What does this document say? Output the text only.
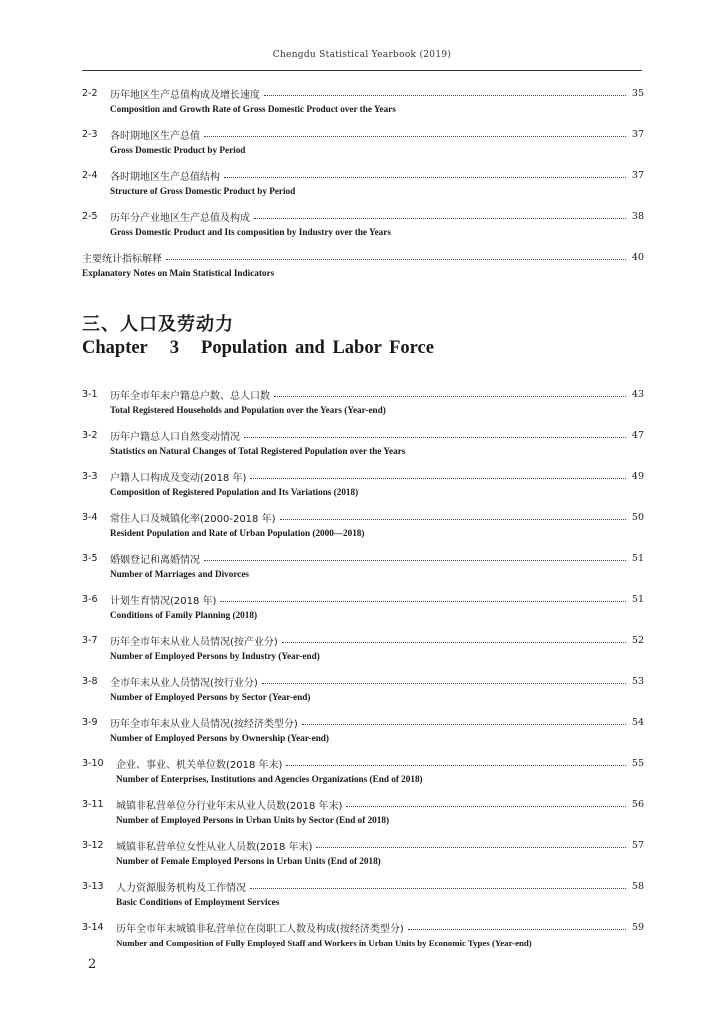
Chengdu Statistical Yearbook (2019)
2-2	历年地区生产总值构成及增长速度	35
Composition and Growth Rate of Gross Domestic Product over the Years
2-3	各时期地区生产总值	37
Gross Domestic Product by Period
2-4	各时期地区生产总值结构	37
Structure of Gross Domestic Product by Period
2-5	历年分产业地区生产总值及构成	38
Gross Domestic Product and Its composition by Industry over the Years
主要统计指标解释	40
Explanatory Notes on Main Statistical Indicators
三、人口及劳动力
Chapter 3 Population and Labor Force
3-1	历年全市年末户籍总户数、总人口数	43
Total Registered Households and Population over the Years (Year-end)
3-2	历年户籍总人口自然变动情况	47
Statistics on Natural Changes of Total Registered Population over the Years
3-3	户籍人口构成及变动(2018 年)	49
Composition of Registered Population and Its Variations (2018)
3-4	常住人口及城镇化率(2000-2018 年)	50
Resident Population and Rate of Urban Population (2000—2018)
3-5	婚姻登记和离婚情况	51
Number of Marriages and Divorces
3-6	计划生育情况(2018 年)	51
Conditions of Family Planning (2018)
3-7	历年全市年末从业人员情况(按产业分)	52
Number of Employed Persons by Industry (Year-end)
3-8	全市年末从业人员情况(按行业分)	53
Number of Employed Persons by Sector (Year-end)
3-9	历年全市年末从业人员情况(按经济类型分)	54
Number of Employed Persons by Ownership (Year-end)
3-10	企业、事业、机关单位数(2018 年末)	55
Number of Enterprises, Institutions and Agencies Organizations (End of 2018)
3-11	城镇非私营单位分行业年末从业人员数(2018 年末)	56
Number of Employed Persons in Urban Units by Sector (End of 2018)
3-12	城镇非私营单位女性从业人员数(2018 年末)	57
Number of Female Employed Persons in Urban Units (End of 2018)
3-13	人力资源服务机构及工作情况	58
Basic Conditions of Employment Services
3-14	历年全市年末城镇非私营单位在岗职工人数及构成(按经济类型分)	59
Number and Composition of Fully Employed Staff and Workers in Urban Units by Economic Types (Year-end)
2
